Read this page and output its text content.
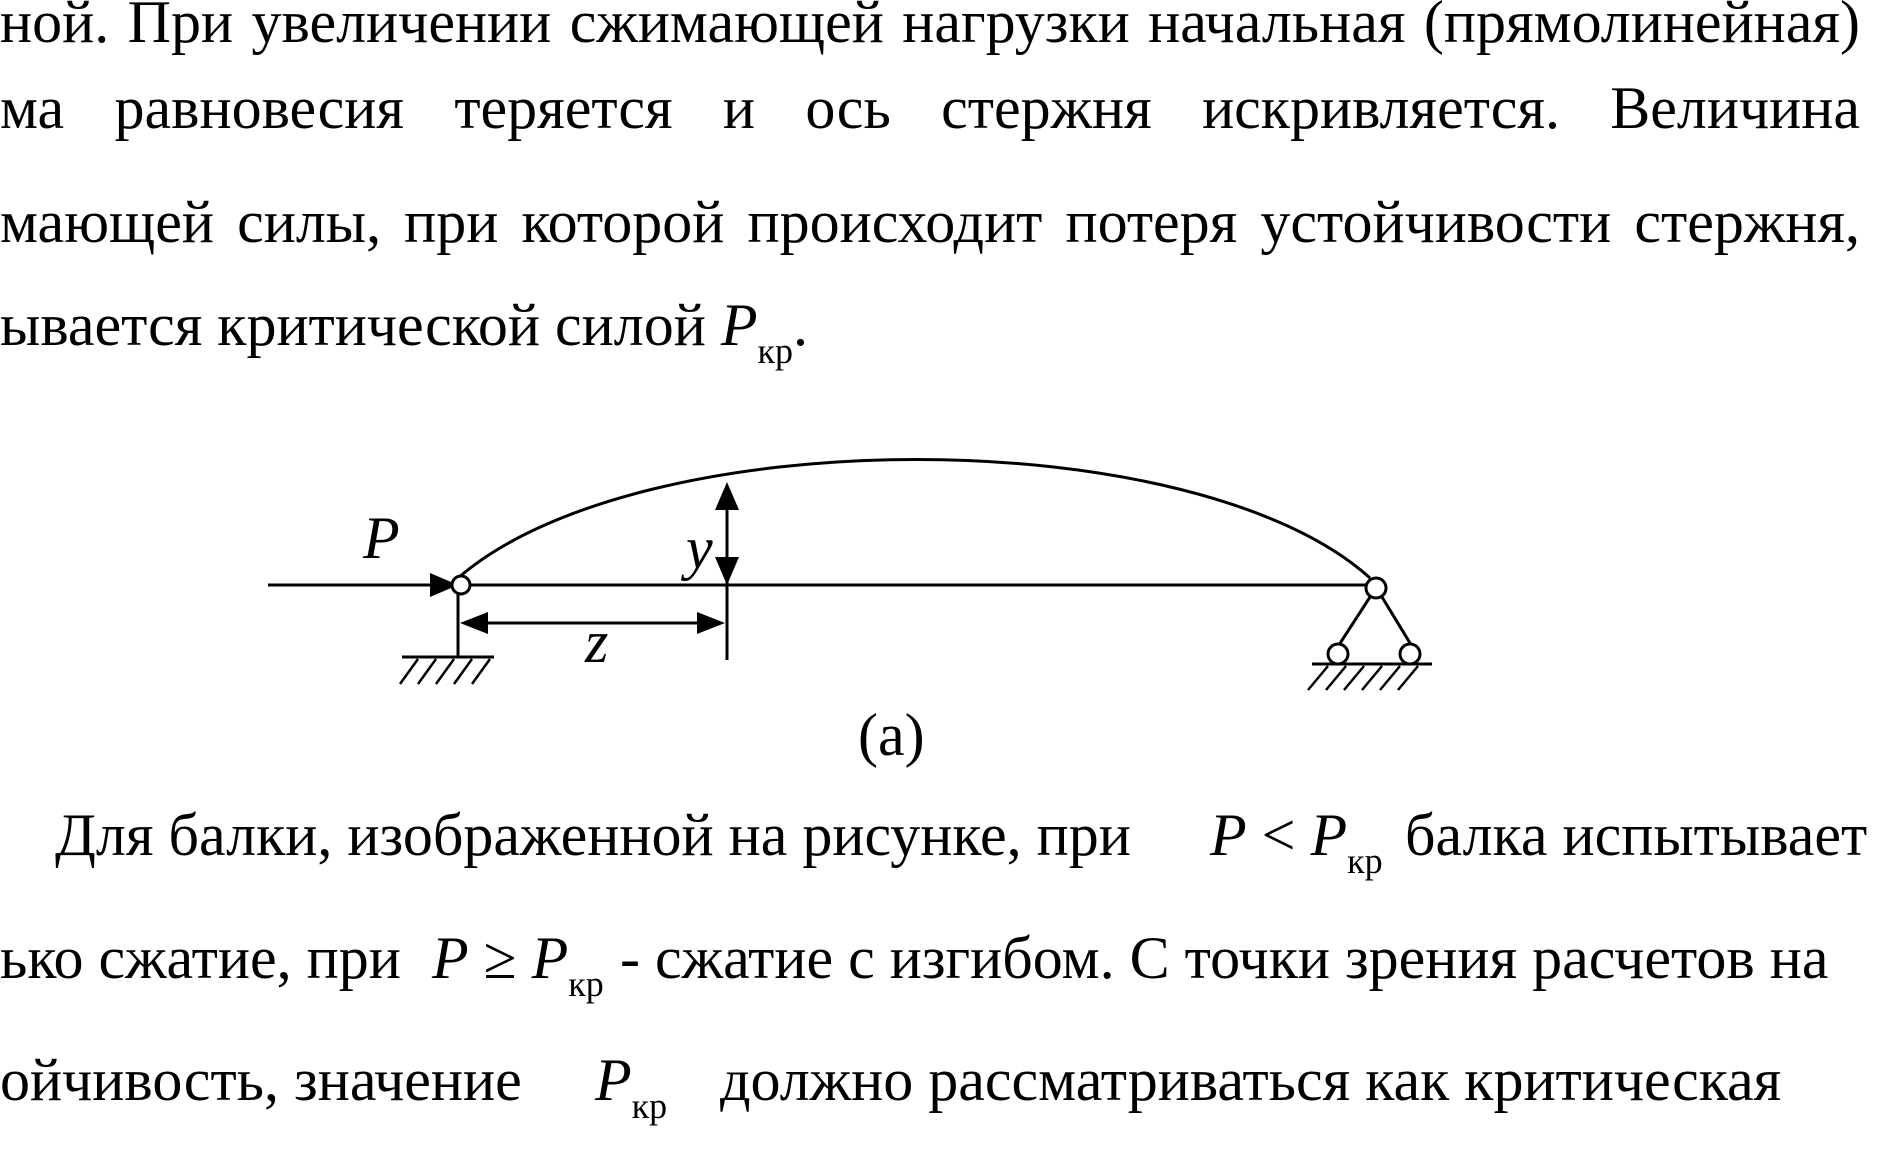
ной. При увеличении сжимающей нагрузки начальная (прямолинейная)
ма равновесия теряется и ось стержня искривляется. Величина
мающей силы, при которой происходит потеря устойчивости стержня,
ывается критической силой $P_{кр}$.
P	y
z
(а)
Для балки, изображенной на рисунке, при $P < P_{кр}$ балка испытывает
ько сжатие, при $P \ge P_{кр}$ - сжатие с изгибом. С точки зрения расчетов на
ойчивость, значение $P_{кр}$ должно рассматриваться как критическая
